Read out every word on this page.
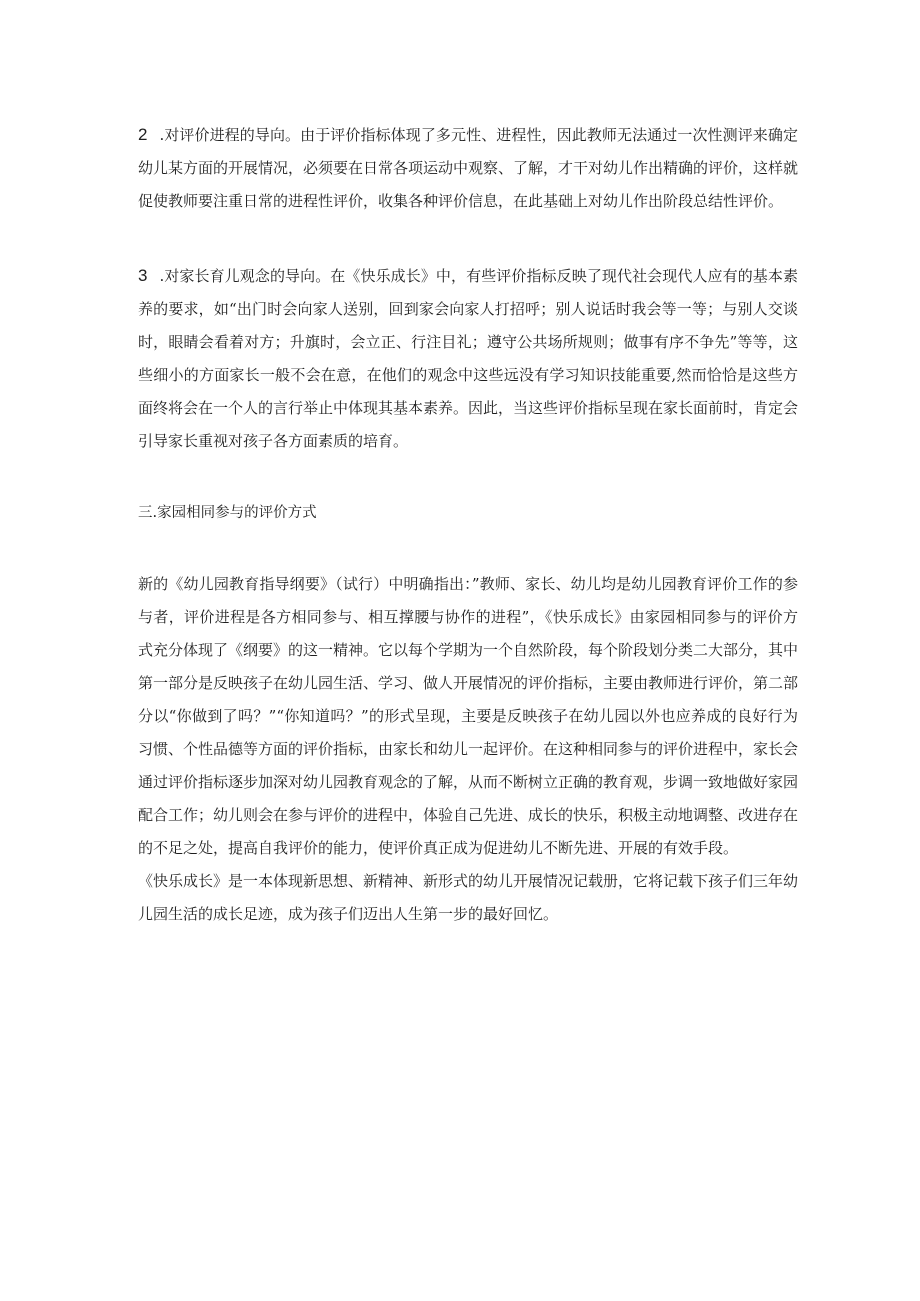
2 .对评价进程的导向。由于评价指标体现了多元性、进程性，因此教师无法通过一次性测评来确定幼儿某方面的开展情况，必须要在日常各项运动中观察、了解，才干对幼儿作出精确的评价，这样就促使教师要注重日常的进程性评价，收集各种评价信息，在此基础上对幼儿作出阶段总结性评价。

3 .对家长育儿观念的导向。在《快乐成长》中，有些评价指标反映了现代社会现代人应有的基本素养的要求，如“出门时会向家人送别，回到家会向家人打招呼；别人说话时我会等一等；与别人交谈时，眼睛会看着对方；升旗时，会立正、行注目礼；遵守公共场所规则；做事有序不争先”等等，这些细小的方面家长一般不会在意，在他们的观念中这些远没有学习知识技能重要,然而恰恰是这些方面终将会在一个人的言行举止中体现其基本素养。因此，当这些评价指标呈现在家长面前时，肯定会引导家长重视对孩子各方面素质的培育。

三.家园相同参与的评价方式

新的《幼儿园教育指导纲要》（试行）中明确指出：”教师、家长、幼儿均是幼儿园教育评价工作的参与者，评价进程是各方相同参与、相互撑腰与协作的进程”，《快乐成长》由家园相同参与的评价方式充分体现了《纲要》的这一精神。它以每个学期为一个自然阶段，每个阶段划分类二大部分，其中第一部分是反映孩子在幼儿园生活、学习、做人开展情况的评价指标，主要由教师进行评价，第二部分以“你做到了吗？”“你知道吗？”的形式呈现，主要是反映孩子在幼儿园以外也应养成的良好行为习惯、个性品德等方面的评价指标，由家长和幼儿一起评价。在这种相同参与的评价进程中，家长会通过评价指标逐步加深对幼儿园教育观念的了解，从而不断树立正确的教育观，步调一致地做好家园配合工作；幼儿则会在参与评价的进程中，体验自己先进、成长的快乐，积极主动地调整、改进存在的不足之处，提高自我评价的能力，使评价真正成为促进幼儿不断先进、开展的有效手段。

《快乐成长》是一本体现新思想、新精神、新形式的幼儿开展情况记载册，它将记载下孩子们三年幼儿园生活的成长足迹，成为孩子们迈出人生第一步的最好回忆。
